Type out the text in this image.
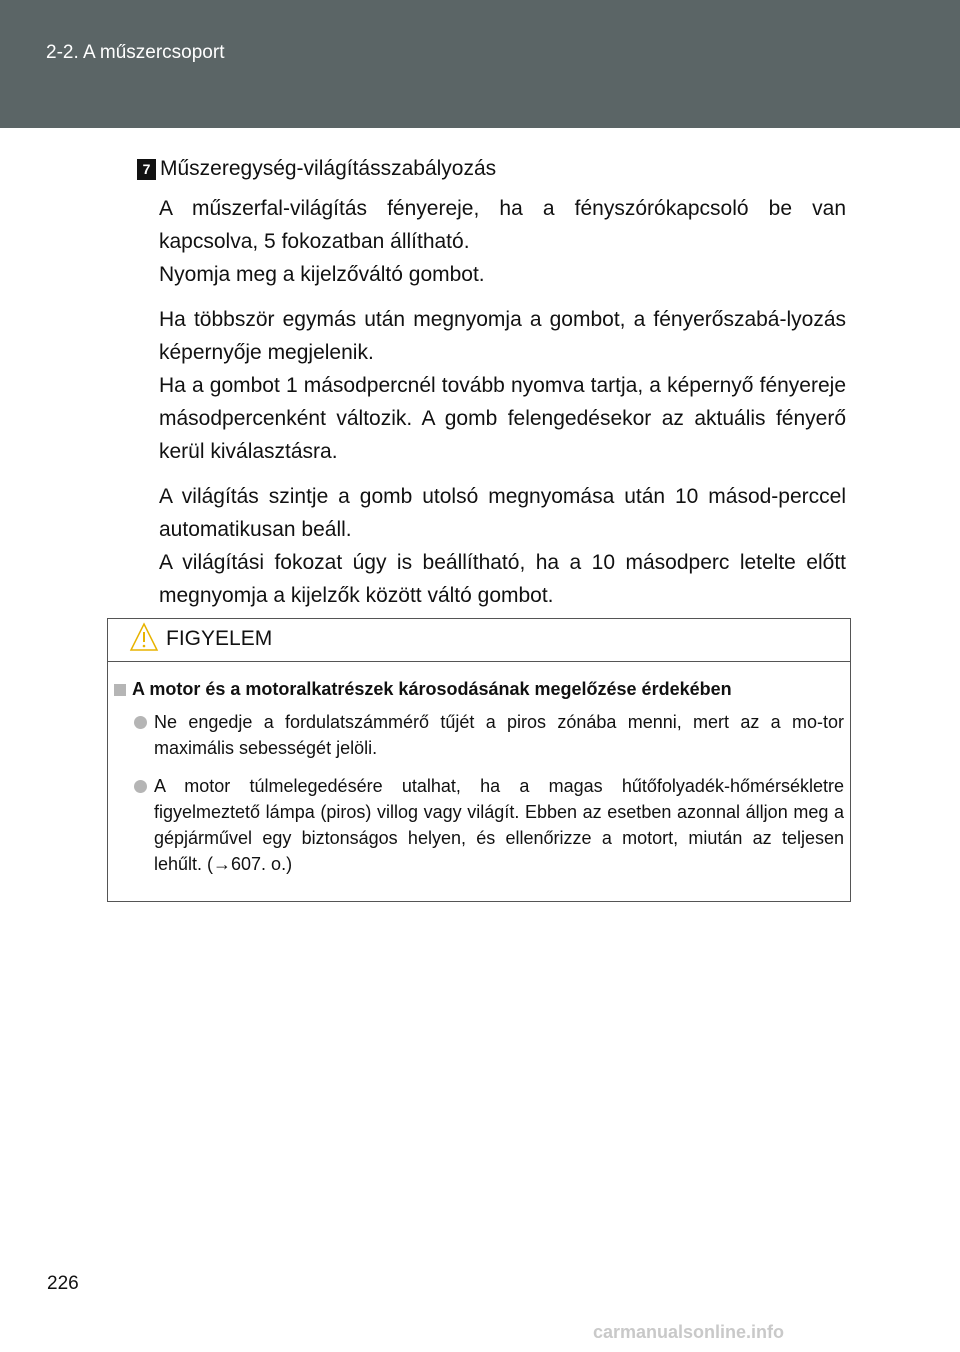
2-2. A műszercsoport
7 Műszeregység-világításszabályozás

A műszerfal-világítás fényereje, ha a fényszórókapcsoló be van kapcsolva, 5 fokozatban állítható.

Nyomja meg a kijelzőváltó gombot.

Ha többször egymás után megnyomja a gombot, a fényerőszabá-lyozás képernyője megjelenik.

Ha a gombot 1 másodpercnél tovább nyomva tartja, a képernyő fényereje másodpercenként változik. A gomb felengedésekor az aktuális fényerő kerül kiválasztásra.

A világítás szintje a gomb utolsó megnyomása után 10 másod-perccel automatikusan beáll.

A világítási fokozat úgy is beállítható, ha a 10 másodperc letelte előtt megnyomja a kijelzők között váltó gombot.

FIGYELEM
A motor és a motoralkatrészek károsodásának megelőzése érdekében
Ne engedje a fordulatszámmérő tűjét a piros zónába menni, mert az a mo-tor maximális sebességét jelöli.
A motor túlmelegedésére utalhat, ha a magas hűtőfolyadék-hőmérsékletre figyelmeztető lámpa (piros) villog vagy világít. Ebben az esetben azonnal álljon meg a gépjárművel egy biztonságos helyen, és ellenőrizze a motort, miután az teljesen lehűlt. (→607. o.)
226
carmanualsonline.info
